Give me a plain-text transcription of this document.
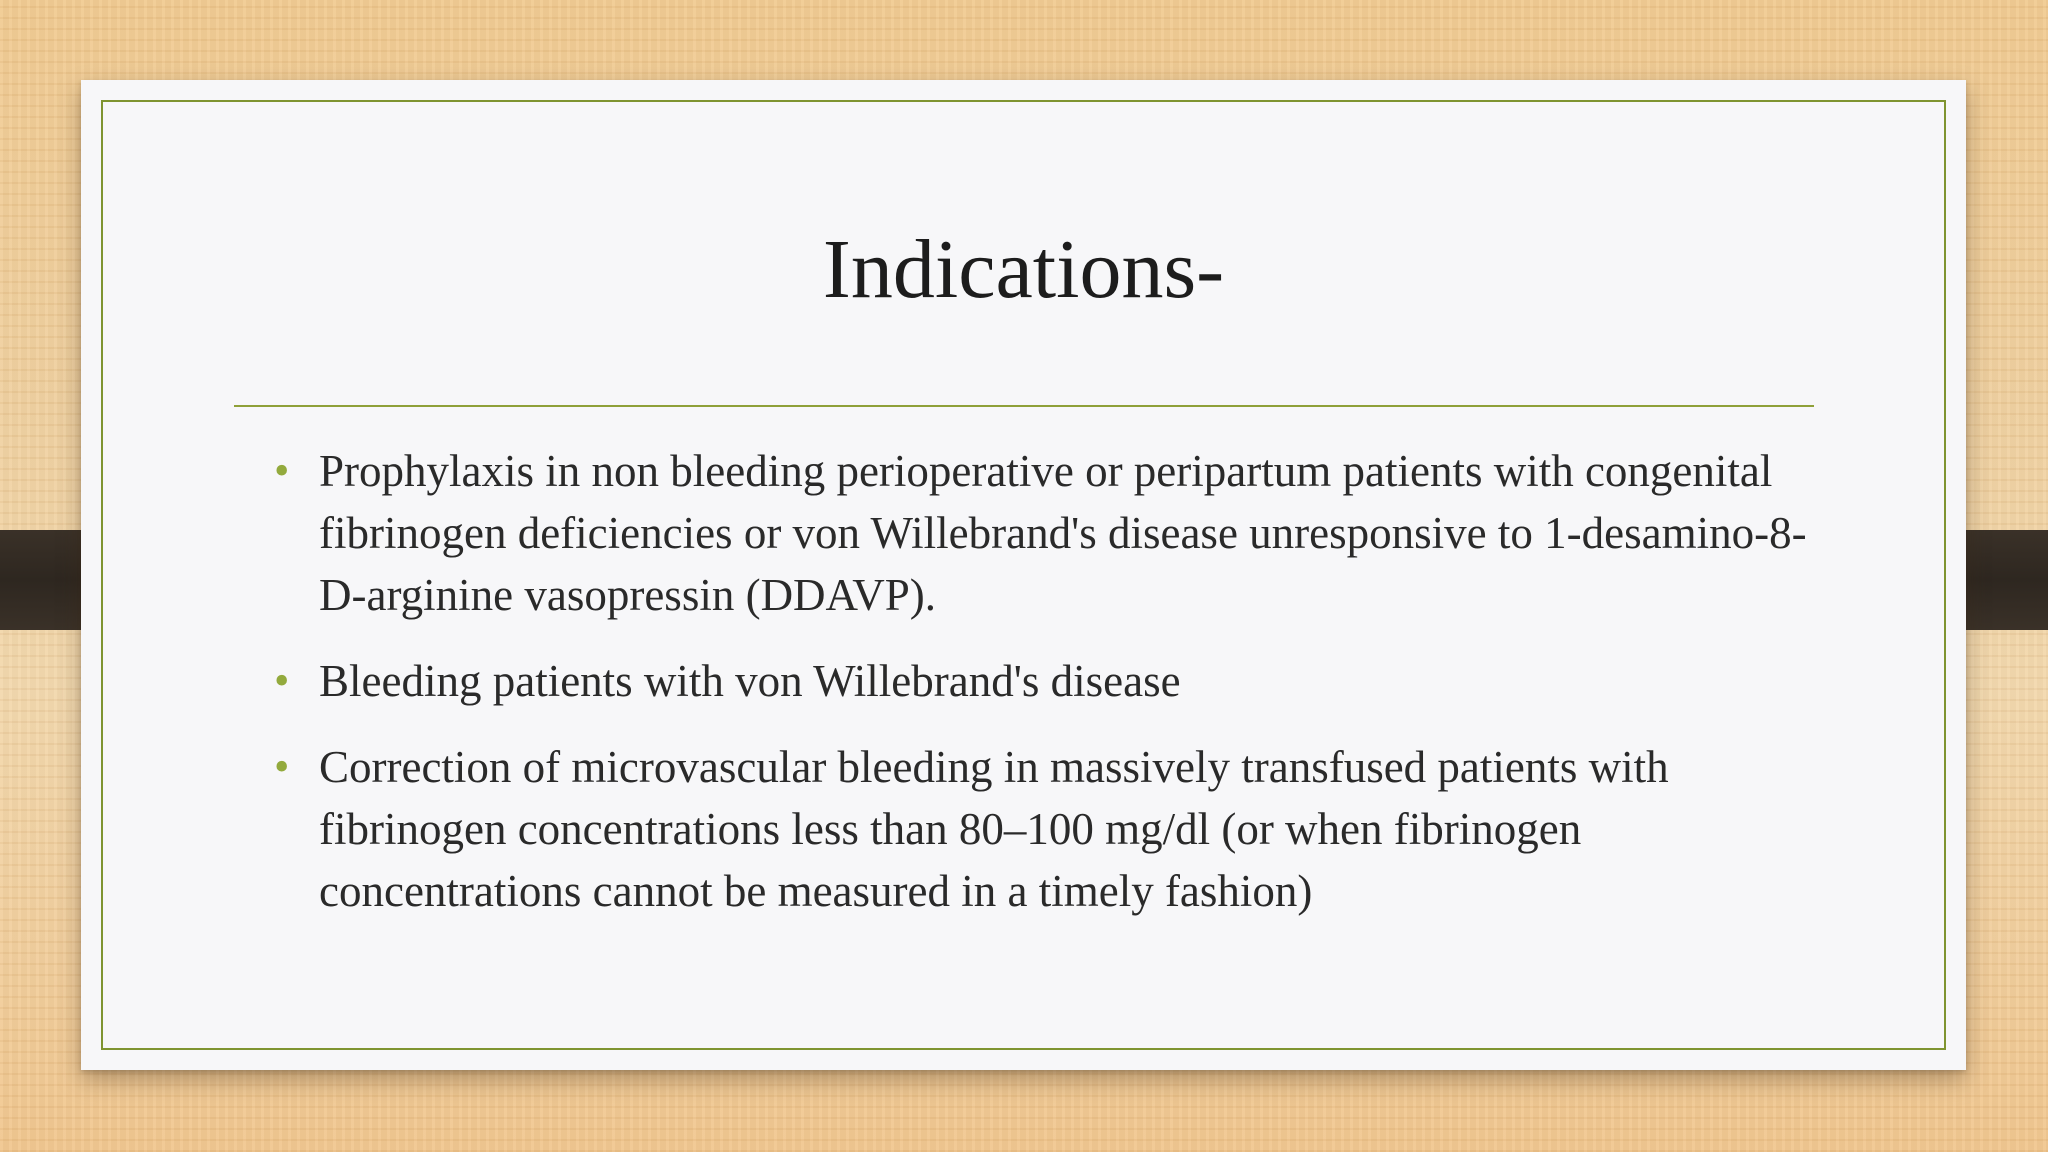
Indications-
• Prophylaxis in non bleeding perioperative or peripartum patients with congenital fibrinogen deficiencies or von Willebrand's disease unresponsive to 1-desamino-8-D-arginine vasopressin (DDAVP).
• Bleeding patients with von Willebrand's disease
• Correction of microvascular bleeding in massively transfused patients with fibrinogen concentrations less than 80–100 mg/dl (or when fibrinogen concentrations cannot be measured in a timely fashion)
